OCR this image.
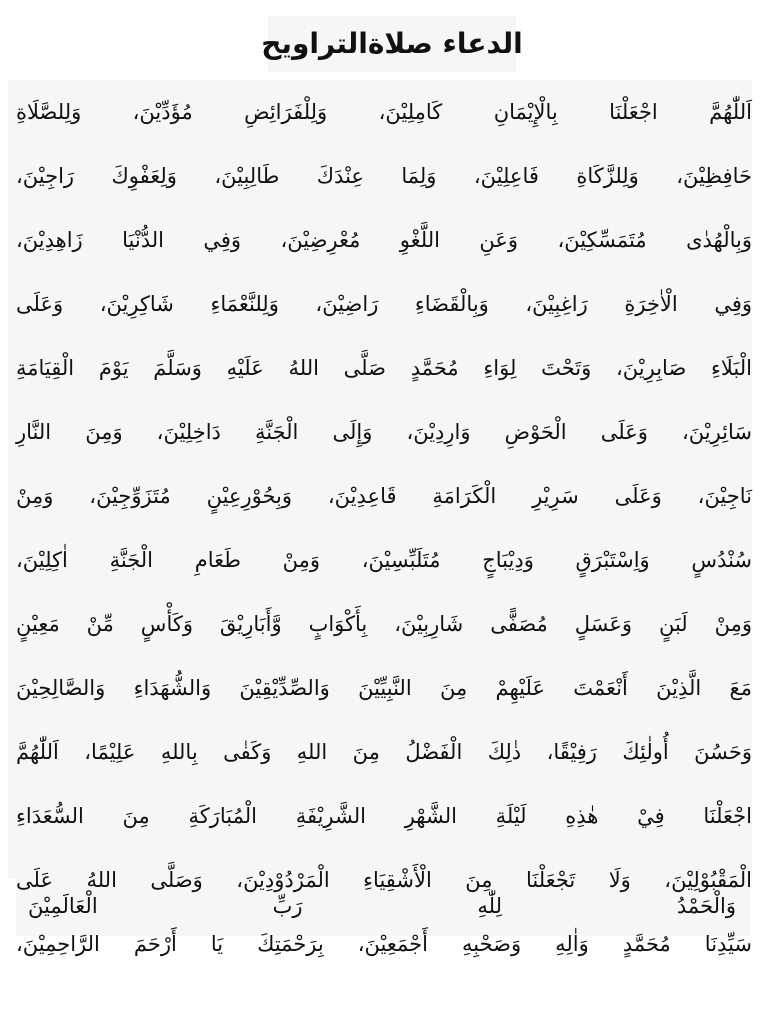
الدعاء صلاةالتراويح
اَللّٰهُمَّ اجْعَلْنَا بِالْإِيْمَانِ كَامِلِيْنَ، وَلِلْفَرَائِضِ مُؤَدِّيْنَ، وَلِلصَّلَاةِ
حَافِظِيْنَ، وَلِلزَّكَاةِ فَاعِلِيْنَ، وَلِمَا عِنْدَكَ طَالِبِيْنَ، وَلِعَفْوِكَ رَاجِيْنَ،
وَبِالْهُدٰى مُتَمَسِّكِيْنَ، وَعَنِ اللَّغْوِ مُعْرِضِيْنَ، وَفِي الدُّنْيَا زَاهِدِيْنَ،
وَفِي الْاٰخِرَةِ رَاغِبِيْنَ، وَبِالْقَضَاءِ رَاضِيْنَ، وَلِلنَّعْمَاءِ شَاكِرِيْنَ، وَعَلَى
الْبَلَاءِ صَابِرِيْنَ، وَتَحْتَ لِوَاءِ مُحَمَّدٍ صَلَّى اللهُ عَلَيْهِ وَسَلَّمَ يَوْمَ الْقِيَامَةِ
سَائِرِيْنَ، وَعَلَى الْحَوْضِ وَارِدِيْنَ، وَإِلَى الْجَنَّةِ دَاخِلِيْنَ، وَمِنَ النَّارِ
نَاجِيْنَ، وَعَلَى سَرِيْرِ الْكَرَامَةِ قَاعِدِيْنَ، وَبِحُوْرِعِيْنٍ مُتَزَوِّجِيْنَ، وَمِنْ
سُنْدُسٍ وَاِسْتَبْرَقٍ وَدِيْبَاجٍ مُتَلَبِّسِيْنَ، وَمِنْ طَعَامِ الْجَنَّةِ اٰكِلِيْنَ،
وَمِنْ لَبَنٍ وَعَسَلٍ مُصَفًّى شَارِبِيْنَ، بِأَكْوَابٍ وَّأَبَارِيْقَ وَكَأْسٍ مِّنْ مَعِيْنٍ
مَعَ الَّذِيْنَ أَنْعَمْتَ عَلَيْهِمْ مِنَ النَّبِيِّيْنَ وَالصِّدِّيْقِيْنَ وَالشُّهَدَاءِ وَالصَّالِحِيْنَ
وَحَسُنَ أُولٰئِكَ رَفِيْقًا، ذٰلِكَ الْفَضْلُ مِنَ اللهِ وَكَفٰى بِاللهِ عَلِيْمًا، اَللّٰهُمَّ
اجْعَلْنَا فِيْ هٰذِهِ لَيْلَةِ الشَّهْرِ الشَّرِيْفَةِ الْمُبَارَكَةِ مِنَ السُّعَدَاءِ
الْمَقْبُوْلِيْنَ، وَلَا تَجْعَلْنَا مِنَ الْأَشْقِيَاءِ الْمَرْدُوْدِيْنَ، وَصَلَّى اللهُ عَلَى
سَيِّدِنَا مُحَمَّدٍ وَاٰلِهِ وَصَحْبِهِ أَجْمَعِيْنَ، بِرَحْمَتِكَ يَا أَرْحَمَ الرَّاحِمِيْنَ،
وَالْحَمْدُ
لِلّٰهِ
رَبِّ
الْعَالَمِيْنَ
